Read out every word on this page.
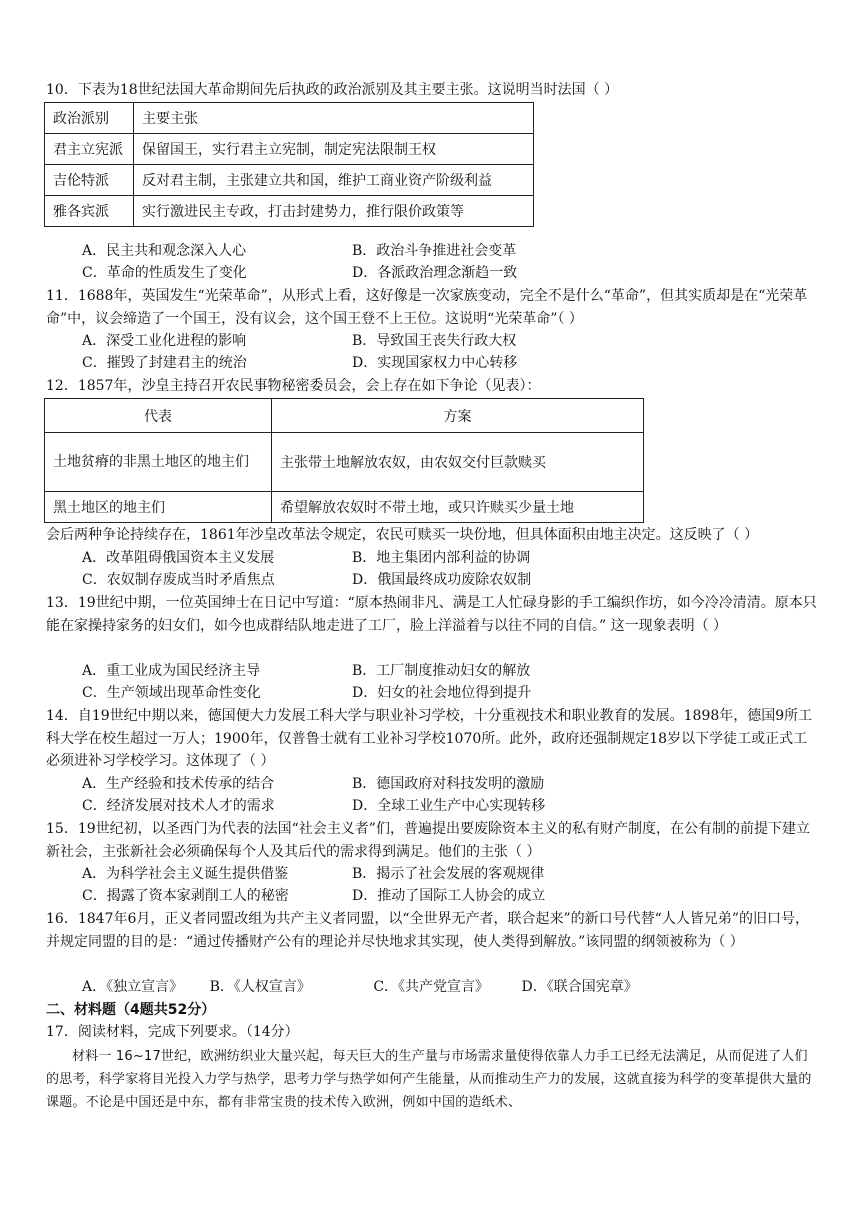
10．下表为18世纪法国大革命期间先后执政的政治派别及其主要主张。这说明当时法国（ ）
政治派别	主要主张
君主立宪派	保留国王，实行君主立宪制，制定宪法限制王权
吉伦特派	反对君主制，主张建立共和国，维护工商业资产阶级利益
雅各宾派	实行激进民主专政，打击封建势力，推行限价政策等
A．民主共和观念深入人心	B．政治斗争推进社会变革
C．革命的性质发生了变化	D．各派政治理念渐趋一致
11．1688年，英国发生“光荣革命”，从形式上看，这好像是一次家族变动，完全不是什么“革命”，但其实质却是在“光荣革命”中，议会缔造了一个国王，没有议会，这个国王登不上王位。这说明“光荣革命”（ ）
A．深受工业化进程的影响	B．导致国王丧失行政大权
C．摧毁了封建君主的统治	D．实现国家权力中心转移
12．1857年，沙皇主持召开农民事物秘密委员会，会上存在如下争论（见表）：
代表	方案
土地贫瘠的非黑土地区的地主们	主张带土地解放农奴，由农奴交付巨款赎买
黑土地区的地主们	希望解放农奴时不带土地，或只许赎买少量土地
会后两种争论持续存在，1861年沙皇改革法令规定，农民可赎买一块份地，但具体面积由地主决定。这反映了（ ）
A．改革阻碍俄国资本主义发展	B．地主集团内部利益的协调
C．农奴制存废成当时矛盾焦点	D．俄国最终成功废除农奴制
13．19世纪中期，一位英国绅士在日记中写道：“原本热闹非凡、满是工人忙碌身影的手工编织作坊，如今冷冷清清。原本只能在家操持家务的妇女们，如今也成群结队地走进了工厂，脸上洋溢着与以往不同的自信。” 这一现象表明（ ）
A．重工业成为国民经济主导	B．工厂制度推动妇女的解放
C．生产领域出现革命性变化	D．妇女的社会地位得到提升
14．自19世纪中期以来，德国便大力发展工科大学与职业补习学校，十分重视技术和职业教育的发展。1898年，德国9所工科大学在校生超过一万人；1900年，仅普鲁士就有工业补习学校1070所。此外，政府还强制规定18岁以下学徒工或正式工必须进补习学校学习。这体现了（ ）
A．生产经验和技术传承的结合	B．德国政府对科技发明的激励
C．经济发展对技术人才的需求	D．全球工业生产中心实现转移
15．19世纪初，以圣西门为代表的法国“社会主义者”们，普遍提出要废除资本主义的私有财产制度，在公有制的前提下建立新社会，主张新社会必须确保每个人及其后代的需求得到满足。他们的主张（ ）
A．为科学社会主义诞生提供借鉴	B．揭示了社会发展的客观规律
C．揭露了资本家剥削工人的秘密	D．推动了国际工人协会的成立
16．1847年6月，正义者同盟改组为共产主义者同盟，以“全世界无产者，联合起来”的新口号代替“人人皆兄弟”的旧口号，并规定同盟的目的是：“通过传播财产公有的理论并尽快地求其实现，使人类得到解放。”该同盟的纲领被称为（ ）
A．《独立宣言》 B．《人权宣言》	C．《共产党宣言》 D．《联合国宪章》
二、材料题（4题共52分）
17．阅读材料，完成下列要求。（14分）
材料一 16~17世纪，欧洲纺织业大量兴起，每天巨大的生产量与市场需求量使得依靠人力手工已经无法满足，从而促进了人们的思考，科学家将目光投入力学与热学，思考力学与热学如何产生能量，从而推动生产力的发展，这就直接为科学的变革提供大量的课题。不论是中国还是中东，都有非常宝贵的技术传入欧洲，例如中国的造纸术、
